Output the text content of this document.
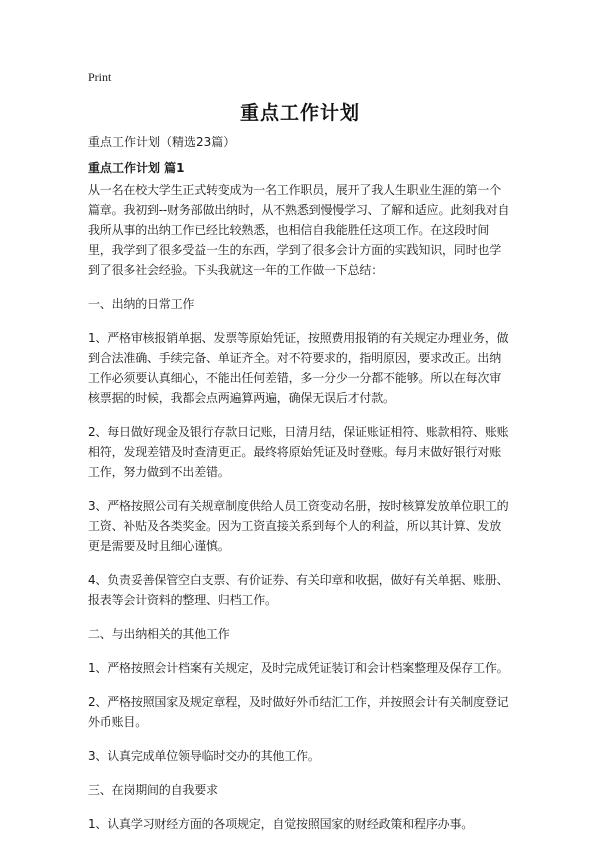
Print
重点工作计划

重点工作计划（精选23篇）

重点工作计划 篇1

从一名在校大学生正式转变成为一名工作职员，展开了我人生职业生涯的第一个篇章。我初到--财务部做出纳时，从不熟悉到慢慢学习、了解和适应。此刻我对自我所从事的出纳工作已经比较熟悉，也相信自我能胜任这项工作。在这段时间里，我学到了很多受益一生的东西，学到了很多会计方面的实践知识，同时也学到了很多社会经验。下头我就这一年的工作做一下总结：

一、出纳的日常工作

1、严格审核报销单据、发票等原始凭证，按照费用报销的有关规定办理业务，做到合法准确、手续完备、单证齐全。对不符要求的，指明原因，要求改正。出纳工作必须要认真细心，不能出任何差错，多一分少一分都不能够。所以在每次审核票据的时候，我都会点两遍算两遍，确保无误后才付款。

2、每日做好现金及银行存款日记账，日清月结，保证账证相符、账款相符、账账相符，发现差错及时查清更正。最终将原始凭证及时登账。每月末做好银行对账工作，努力做到不出差错。

3、严格按照公司有关规章制度供给人员工资变动名册，按时核算发放单位职工的工资、补贴及各类奖金。因为工资直接关系到每个人的利益，所以其计算、发放更是需要及时且细心谨慎。

4、负责妥善保管空白支票、有价证券、有关印章和收据，做好有关单据、账册、报表等会计资料的整理、归档工作。

二、与出纳相关的其他工作

1、严格按照会计档案有关规定，及时完成凭证装订和会计档案整理及保存工作。

2、严格按照国家及规定章程，及时做好外币结汇工作，并按照会计有关制度登记外币账目。

3、认真完成单位领导临时交办的其他工作。

三、在岗期间的自我要求

1、认真学习财经方面的各项规定，自觉按照国家的财经政策和程序办事。
